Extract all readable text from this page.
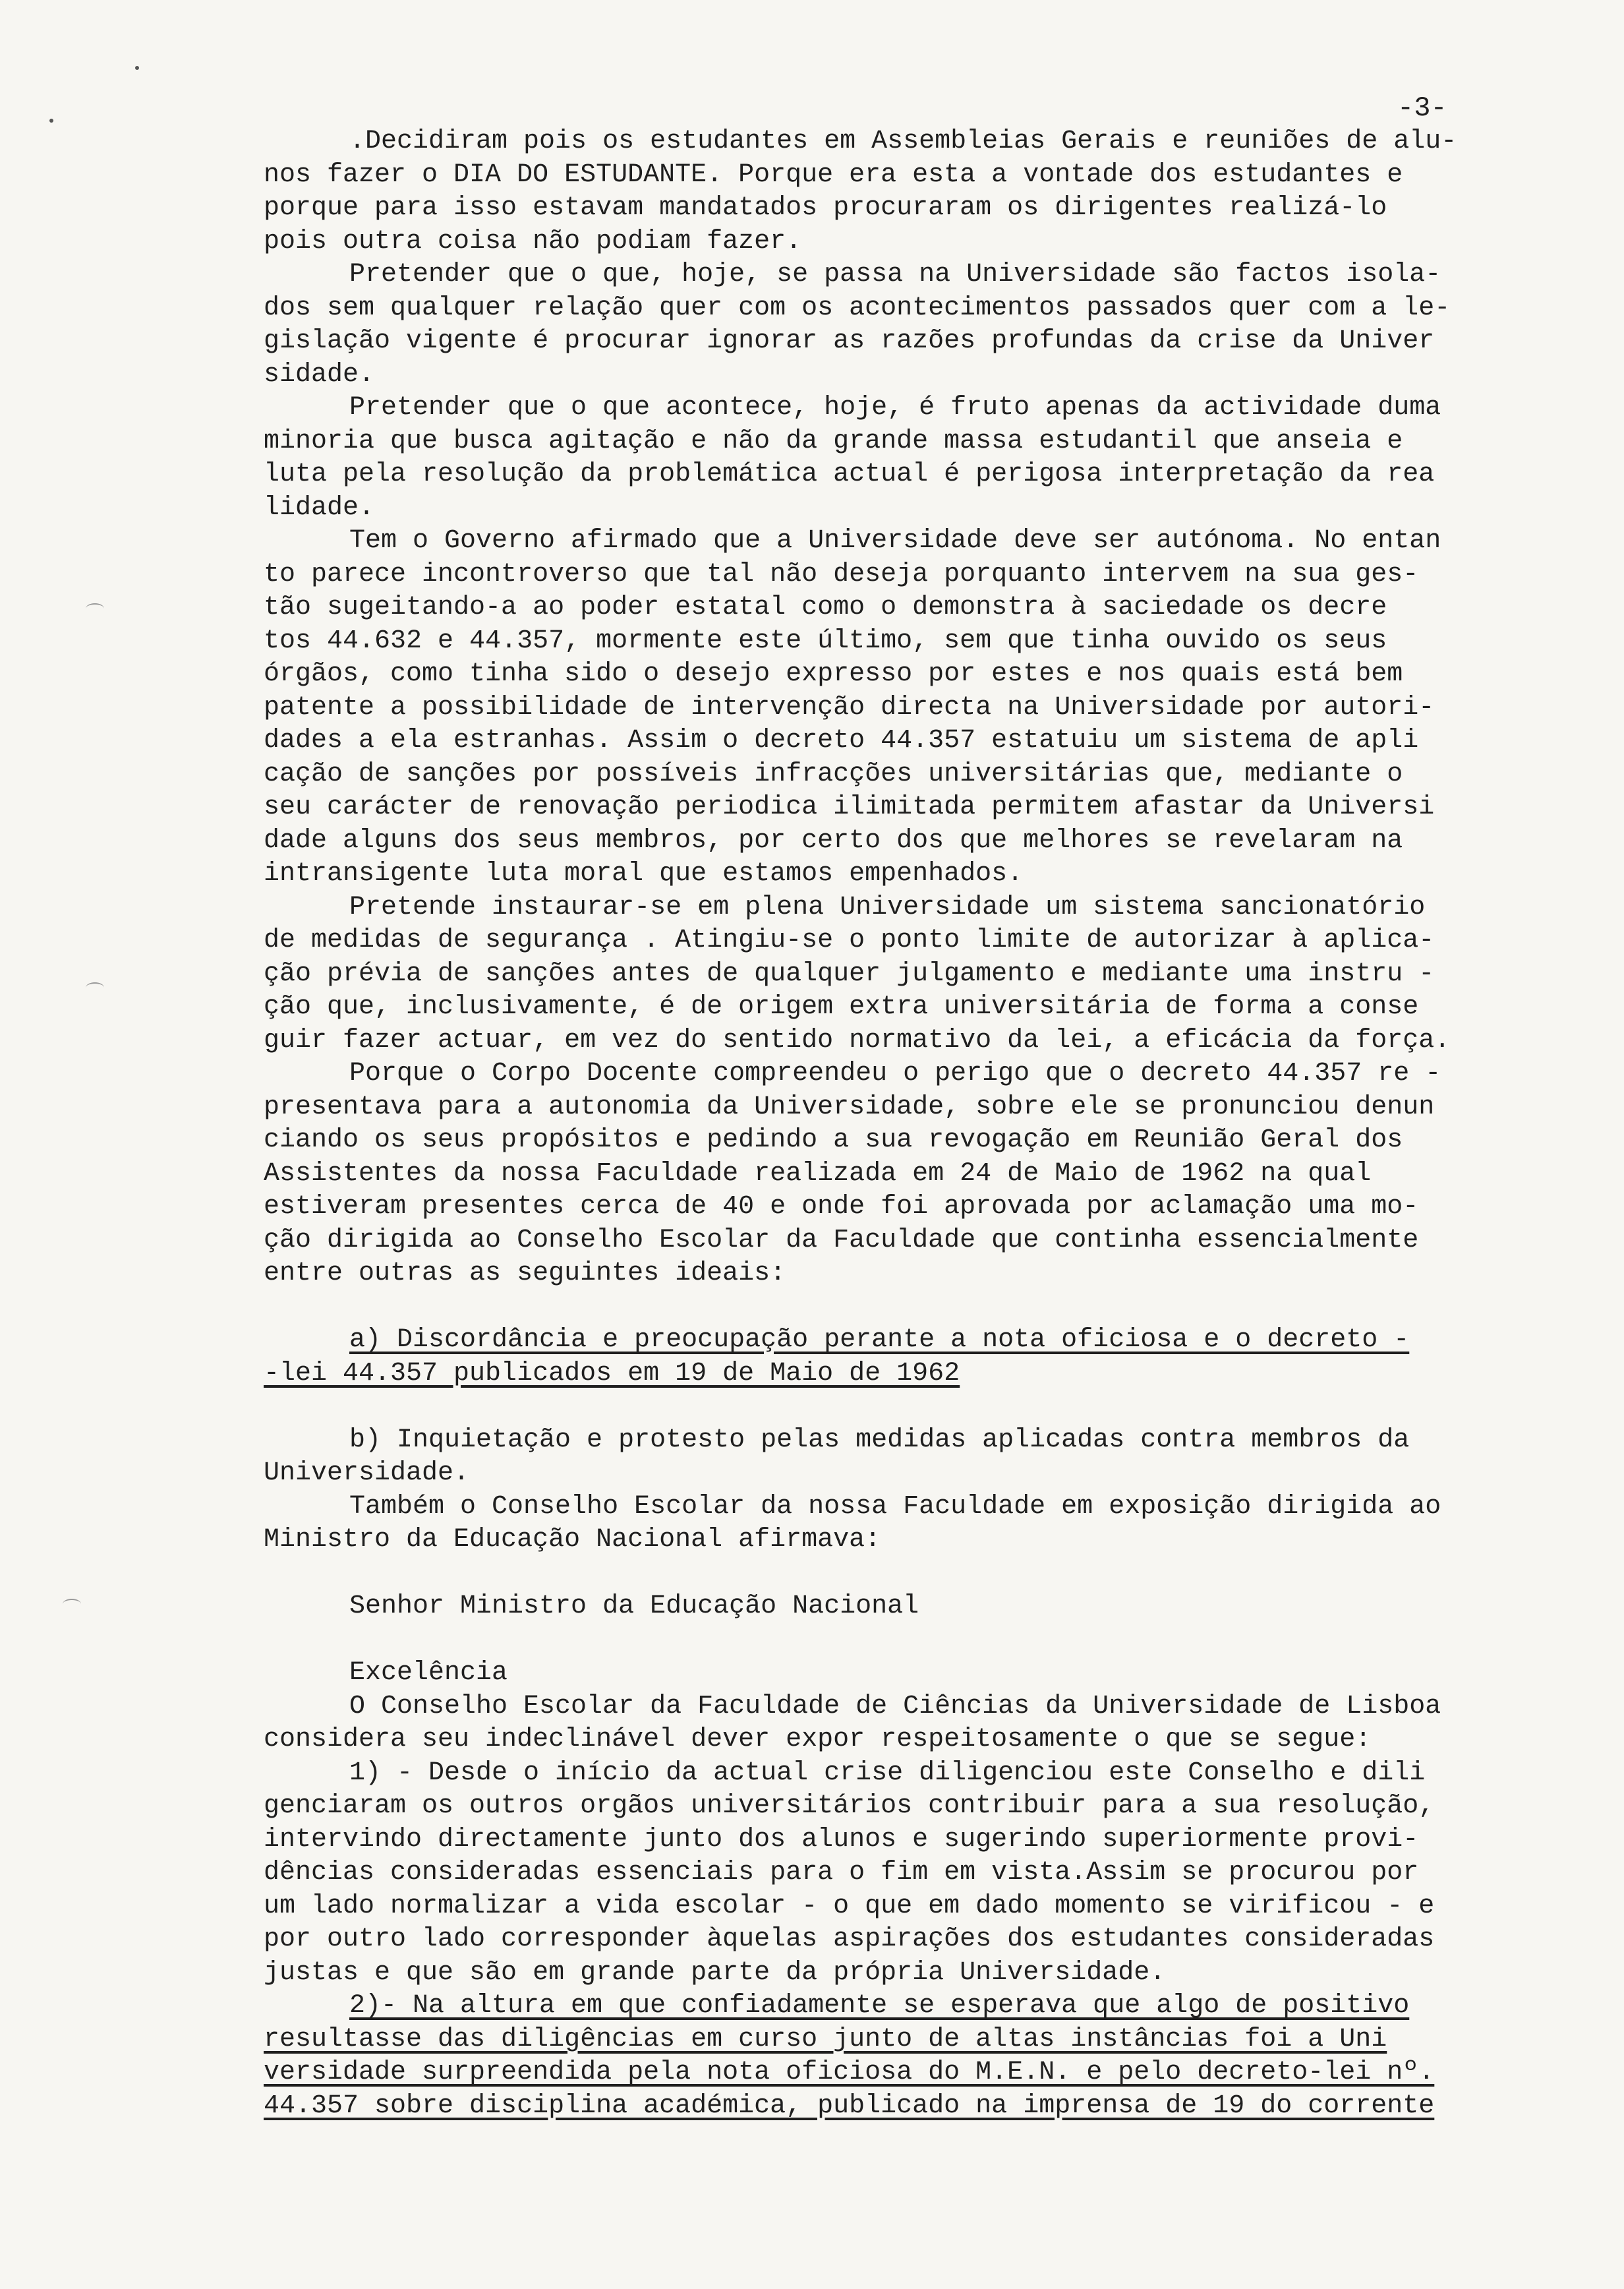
-3-
.Decidiram pois os estudantes em Assembleias Gerais e reuniões de alu-
nos fazer o DIA DO ESTUDANTE. Porque era esta a vontade dos estudantes e
porque para isso estavam mandatados procuraram os dirigentes realizá-lo
pois outra coisa não podiam fazer.
Pretender que o que, hoje, se passa na Universidade são factos isola-
dos sem qualquer relação quer com os acontecimentos passados quer com a le-
gislação vigente é procurar ignorar as razões profundas da crise da Univer
sidade.
Pretender que o que acontece, hoje, é fruto apenas da actividade duma
minoria que busca agitação e não da grande massa estudantil que anseia e
luta pela resolução da problemática actual é perigosa interpretação da rea
lidade.
Tem o Governo afirmado que a Universidade deve ser autónoma. No entan
to parece incontroverso que tal não deseja porquanto intervem na sua ges-
tão sugeitando-a ao poder estatal como o demonstra à saciedade os decre
tos 44.632 e 44.357, mormente este último, sem que tinha ouvido os seus
órgãos, como tinha sido o desejo expresso por estes e nos quais está bem
patente a possibilidade de intervenção directa na Universidade por autori-
dades a ela estranhas. Assim o decreto 44.357 estatuiu um sistema de apli
cação de sanções por possíveis infracções universitárias que, mediante o
seu carácter de renovação periodica ilimitada permitem afastar da Universi
dade alguns dos seus membros, por certo dos que melhores se revelaram na
intransigente luta moral que estamos empenhados.
Pretende instaurar-se em plena Universidade um sistema sancionatório
de medidas de segurança . Atingiu-se o ponto limite de autorizar à aplica-
ção prévia de sanções antes de qualquer julgamento e mediante uma instru -
ção que, inclusivamente, é de origem extra universitária de forma a conse
guir fazer actuar, em vez do sentido normativo da lei, a eficácia da força.
Porque o Corpo Docente compreendeu o perigo que o decreto 44.357 re -
presentava para a autonomia da Universidade, sobre ele se pronunciou denun
ciando os seus propósitos e pedindo a sua revogação em Reunião Geral dos
Assistentes da nossa Faculdade realizada em 24 de Maio de 1962 na qual
estiveram presentes cerca de 40 e onde foi aprovada por aclamação uma mo-
ção dirigida ao Conselho Escolar da Faculdade que continha essencialmente
entre outras as seguintes ideais:
a) Discordância e preocupação perante a nota oficiosa e o decreto -
-lei 44.357 publicados em 19 de Maio de 1962
b) Inquietação e protesto pelas medidas aplicadas contra membros da
Universidade.
Também o Conselho Escolar da nossa Faculdade em exposição dirigida ao
Ministro da Educação Nacional afirmava:
Senhor Ministro da Educação Nacional
Excelência
O Conselho Escolar da Faculdade de Ciências da Universidade de Lisboa
considera seu indeclinável dever expor respeitosamente o que se segue:
1) - Desde o início da actual crise diligenciou este Conselho e dili
genciaram os outros orgãos universitários contribuir para a sua resolução,
intervindo directamente junto dos alunos e sugerindo superiormente provi-
dências consideradas essenciais para o fim em vista.Assim se procurou por
um lado normalizar a vida escolar - o que em dado momento se virificou - e
por outro lado corresponder àquelas aspirações dos estudantes consideradas
justas e que são em grande parte da própria Universidade.
2)- Na altura em que confiadamente se esperava que algo de positivo
resultasse das diligências em curso junto de altas instâncias foi a Uni
versidade surpreendida pela nota oficiosa do M.E.N. e pelo decreto-lei nº.
44.357 sobre disciplina académica, publicado na imprensa de 19 do corrente
